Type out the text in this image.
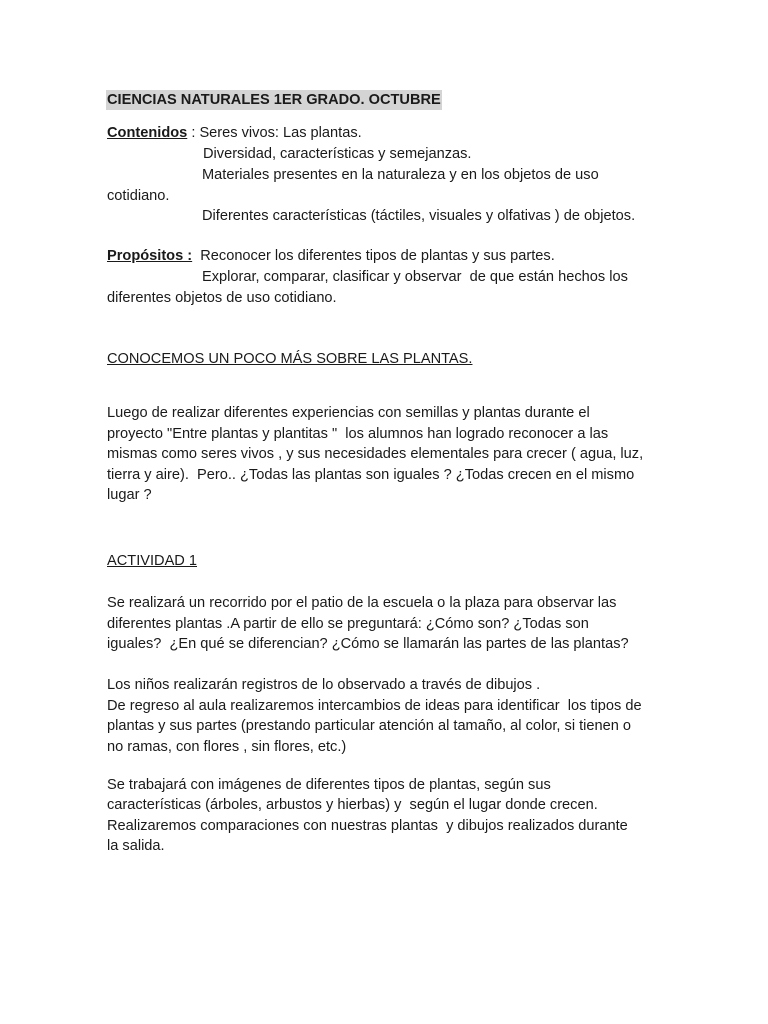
CIENCIAS NATURALES 1ER GRADO. OCTUBRE
Contenidos : Seres vivos: Las plantas.
Diversidad, características y semejanzas.
Materiales presentes en la naturaleza y en los objetos de uso
cotidiano.
Diferentes características (táctiles, visuales y olfativas ) de objetos.
Propósitos : Reconocer los diferentes tipos de plantas y sus partes.
Explorar, comparar, clasificar y observar  de que están hechos los
diferentes objetos de uso cotidiano.
CONOCEMOS UN POCO MÁS SOBRE LAS PLANTAS.
Luego de realizar diferentes experiencias con semillas y plantas durante el
proyecto "Entre plantas y plantitas "  los alumnos han logrado reconocer a las
mismas como seres vivos , y sus necesidades elementales para crecer ( agua, luz,
tierra y aire).  Pero.. ¿Todas las plantas son iguales ? ¿Todas crecen en el mismo
lugar ?
ACTIVIDAD 1
Se realizará un recorrido por el patio de la escuela o la plaza para observar las
diferentes plantas .A partir de ello se preguntará: ¿Cómo son? ¿Todas son
iguales?  ¿En qué se diferencian? ¿Cómo se llamarán las partes de las plantas?
Los niños realizarán registros de lo observado a través de dibujos .
De regreso al aula realizaremos intercambios de ideas para identificar  los tipos de
plantas y sus partes (prestando particular atención al tamaño, al color, si tienen o
no ramas, con flores , sin flores, etc.)
Se trabajará con imágenes de diferentes tipos de plantas, según sus
características (árboles, arbustos y hierbas) y  según el lugar donde crecen.
Realizaremos comparaciones con nuestras plantas  y dibujos realizados durante
la salida.
